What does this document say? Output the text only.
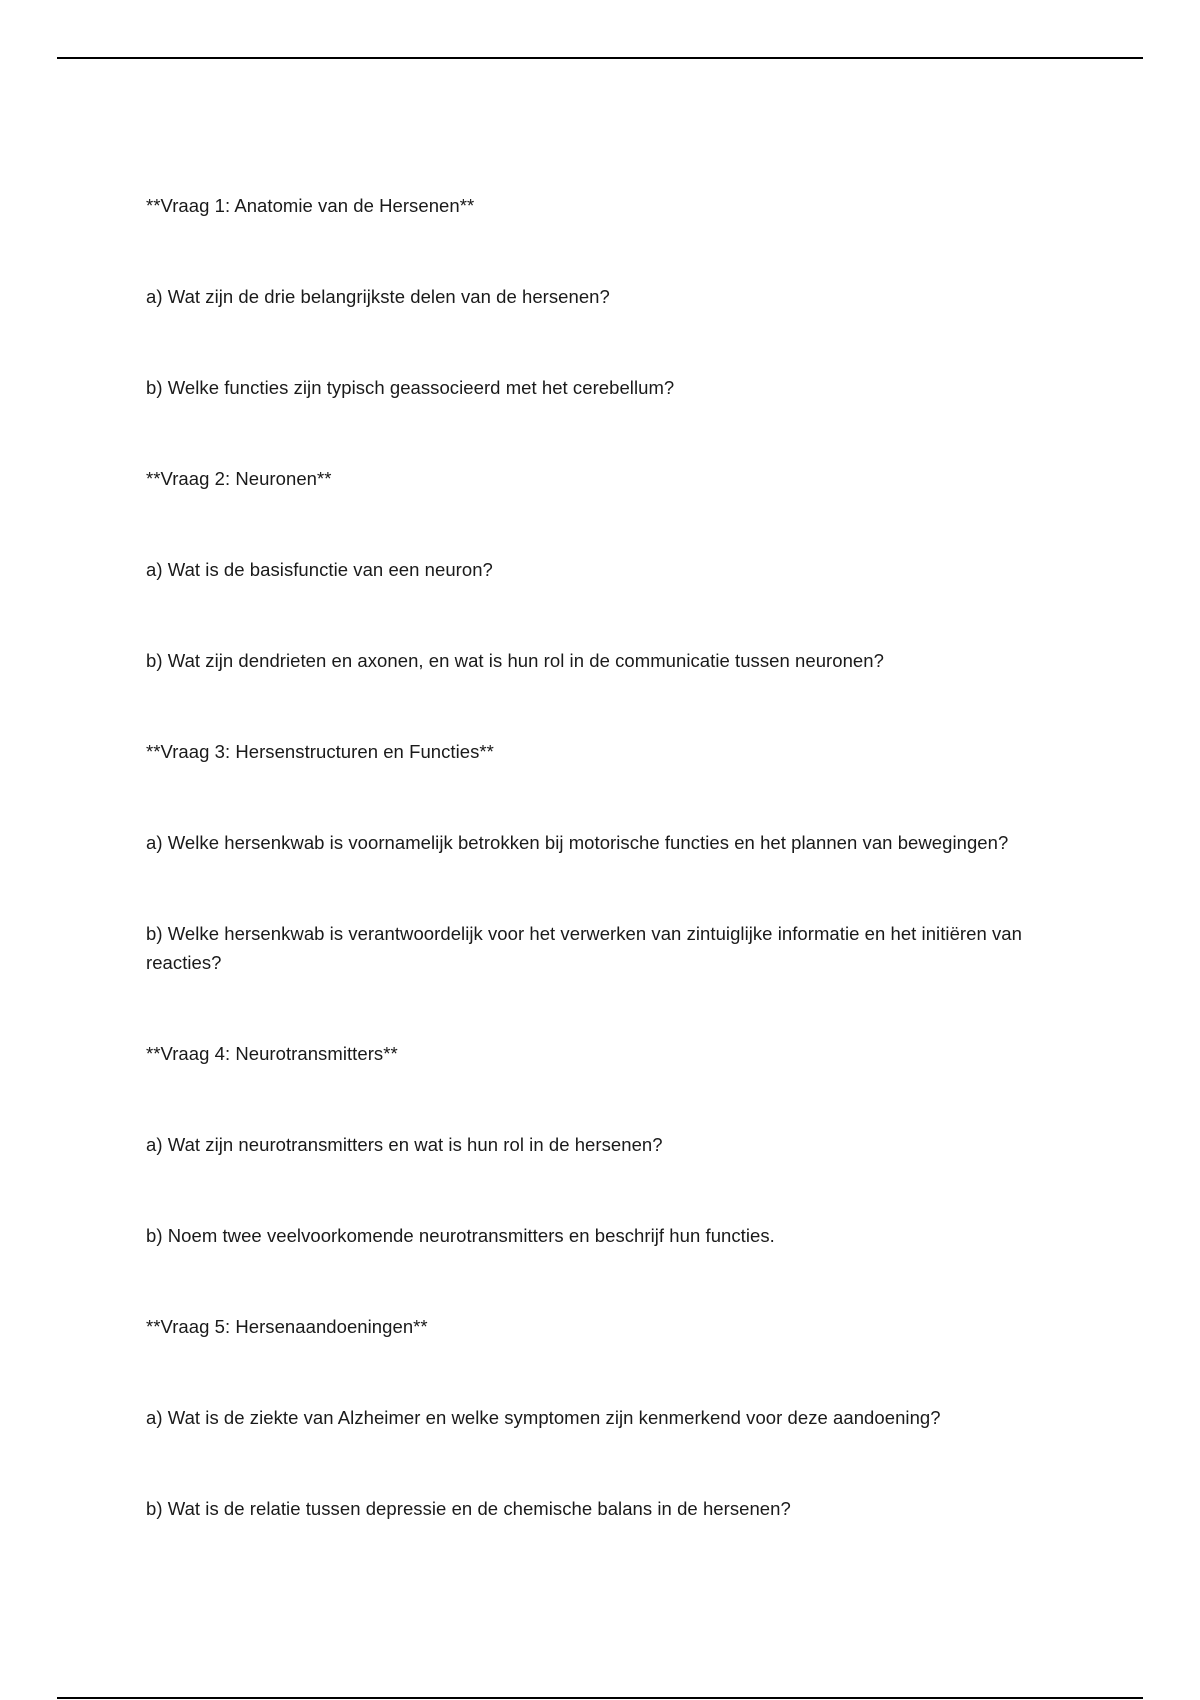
**Vraag 1: Anatomie van de Hersenen**

a) Wat zijn de drie belangrijkste delen van de hersenen?

b) Welke functies zijn typisch geassocieerd met het cerebellum?

**Vraag 2: Neuronen**

a) Wat is de basisfunctie van een neuron?

b) Wat zijn dendrieten en axonen, en wat is hun rol in de communicatie tussen neuronen?

**Vraag 3: Hersenstructuren en Functies**

a) Welke hersenkwab is voornamelijk betrokken bij motorische functies en het plannen van bewegingen?

b) Welke hersenkwab is verantwoordelijk voor het verwerken van zintuiglijke informatie en het initiëren van reacties?

**Vraag 4: Neurotransmitters**

a) Wat zijn neurotransmitters en wat is hun rol in de hersenen?

b) Noem twee veelvoorkomende neurotransmitters en beschrijf hun functies.

**Vraag 5: Hersenaandoeningen**

a) Wat is de ziekte van Alzheimer en welke symptomen zijn kenmerkend voor deze aandoening?

b) Wat is de relatie tussen depressie en de chemische balans in de hersenen?
